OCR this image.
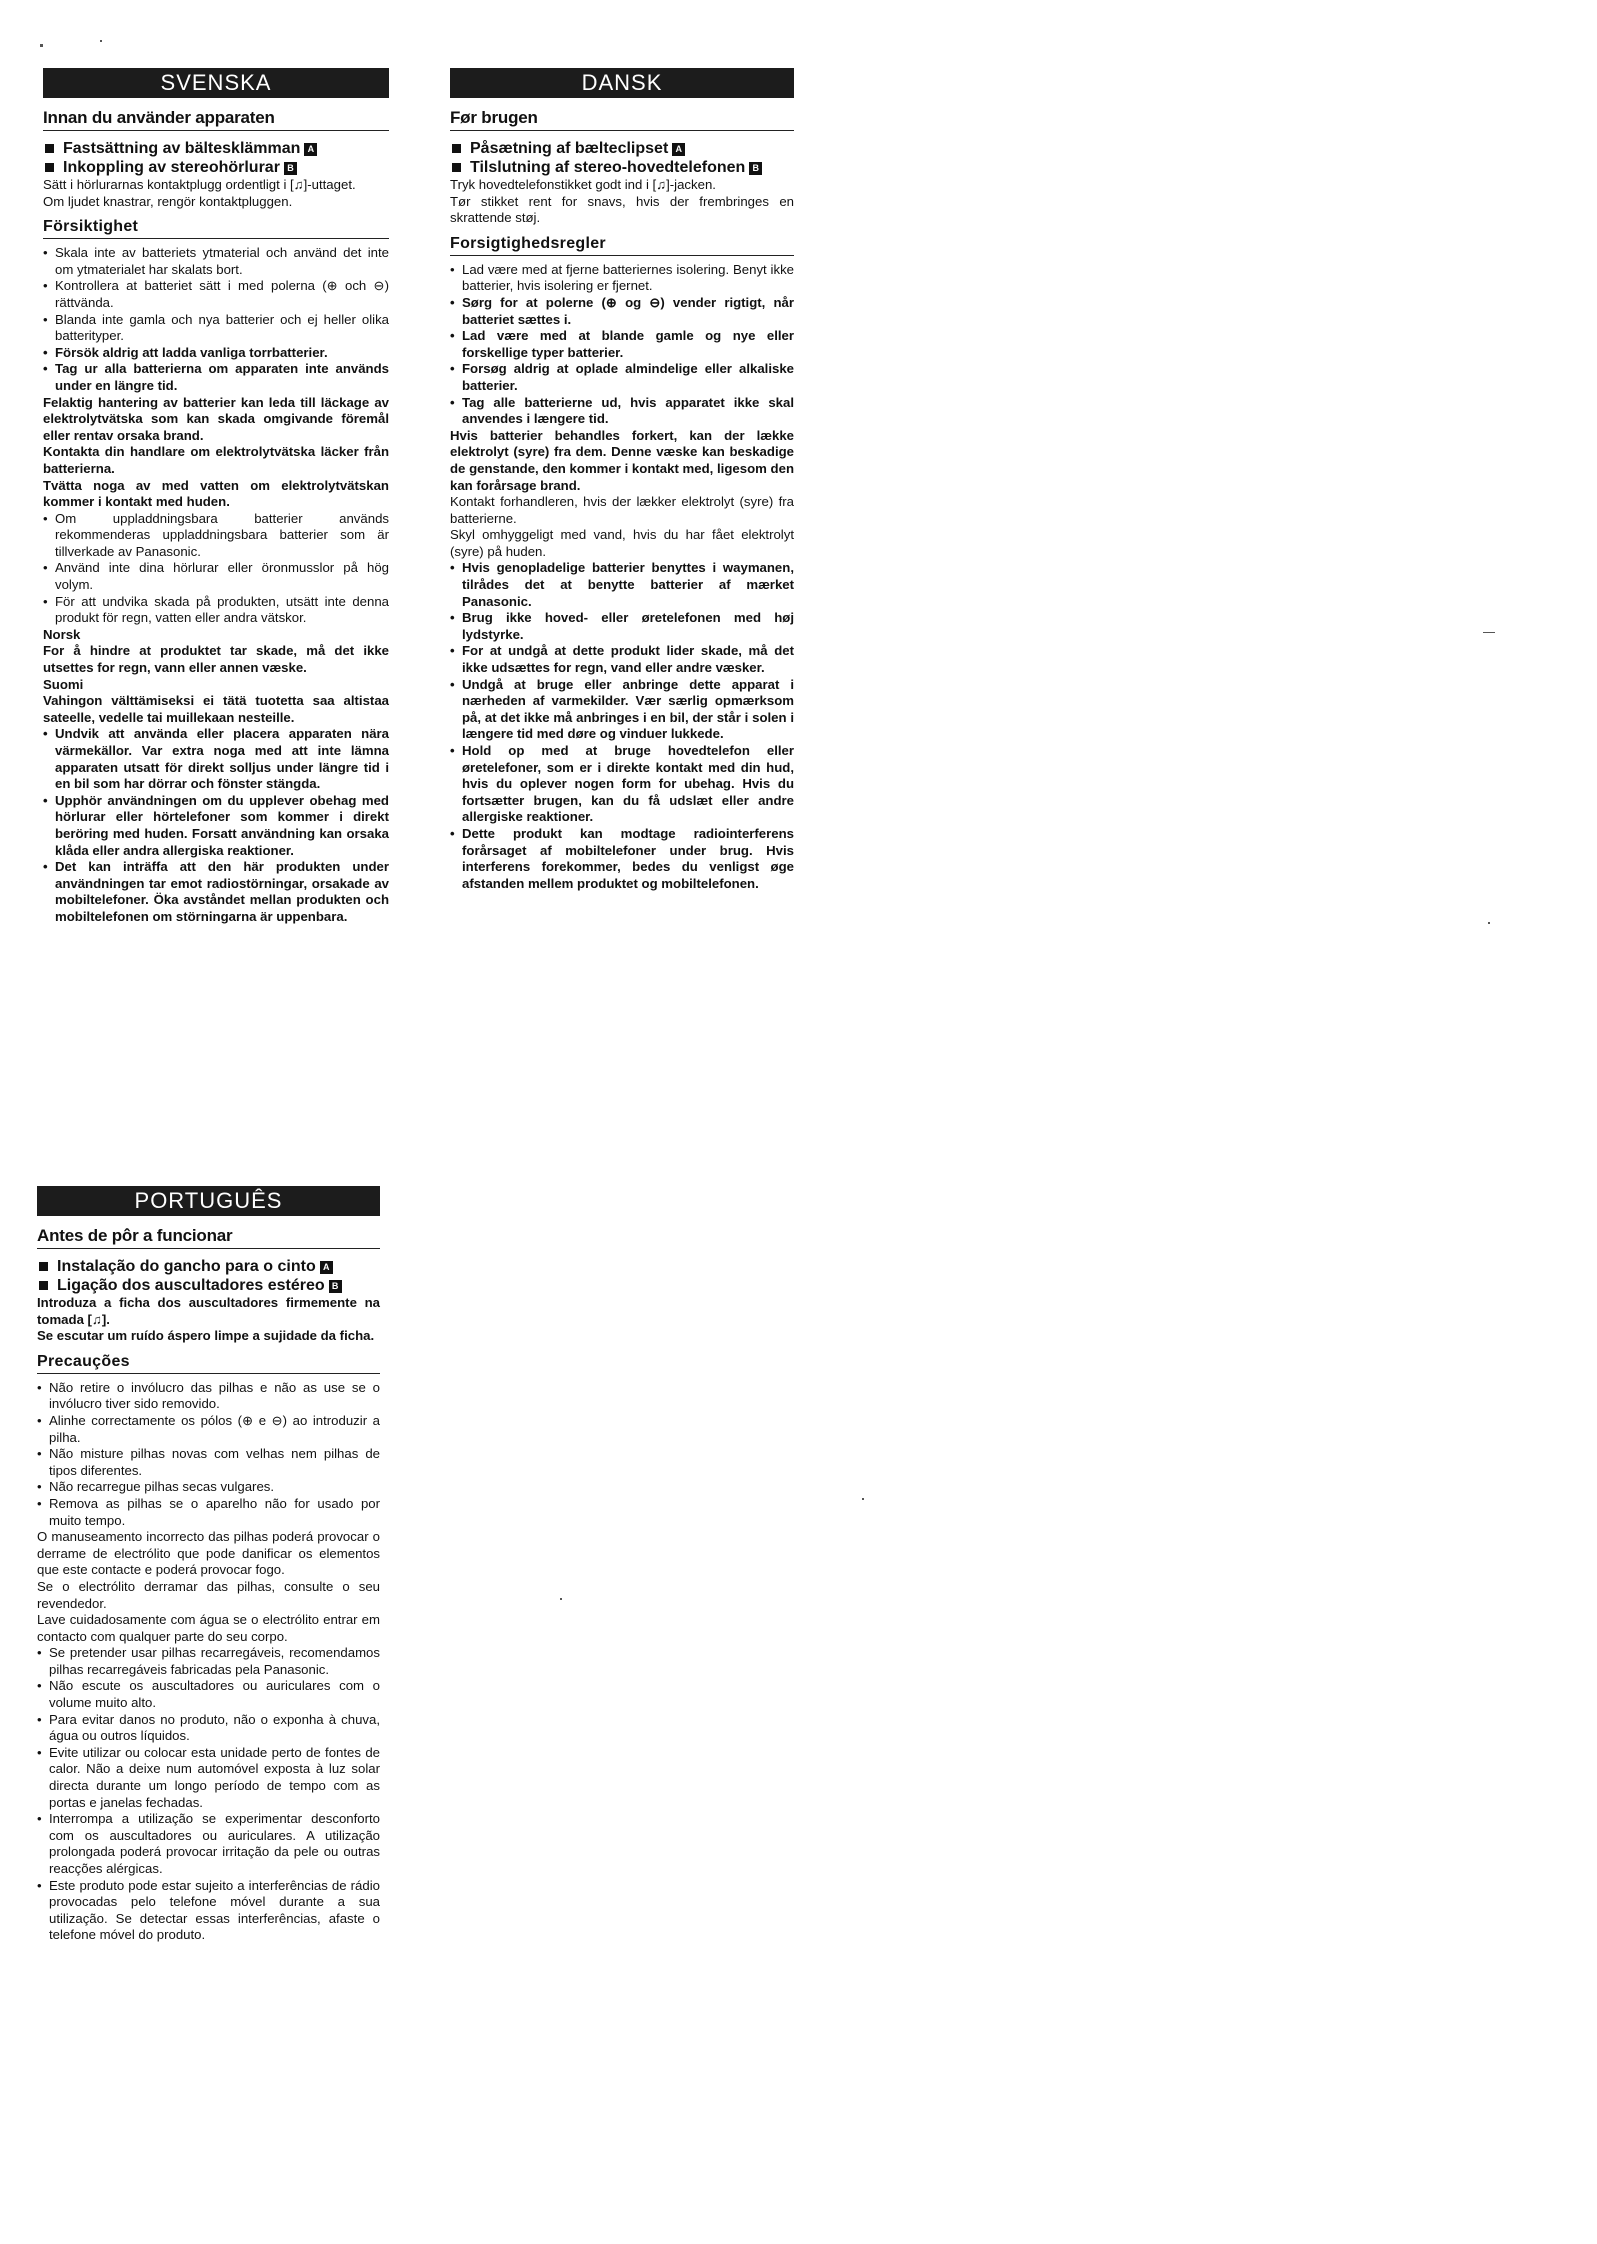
SVENSKA
Innan du använder apparaten
Fastsättning av bältesklämman A
Inkoppling av stereohörlurar B

Sätt i hörlurarnas kontaktplugg ordentligt i [♫]-uttaget.

Om ljudet knastrar, rengör kontaktpluggen.

Försiktighet
• Skala inte av batteriets ytmaterial och använd det inte om ytmaterialet har skalats bort.
• Kontrollera at batteriet sätt i med polerna (⊕ och ⊖) rättvända.
• Blanda inte gamla och nya batterier och ej heller olika batterityper.
• Försök aldrig att ladda vanliga torrbatterier.
• Tag ur alla batterierna om apparaten inte används under en längre tid.

Felaktig hantering av batterier kan leda till läckage av elektrolytvätska som kan skada omgivande föremål eller rentav orsaka brand.

Kontakta din handlare om elektrolytvätska läcker från batterierna.

Tvätta noga av med vatten om elektrolytvätskan kommer i kontakt med huden.

• Om uppladdningsbara batterier används rekommenderas uppladdningsbara batterier som är tillverkade av Panasonic.
• Använd inte dina hörlurar eller öronmusslor på hög volym.
• För att undvika skada på produkten, utsätt inte denna produkt för regn, vatten eller andra vätskor.

Norsk

For å hindre at produktet tar skade, må det ikke utsettes for regn, vann eller annen væske.

Suomi

Vahingon välttämiseksi ei tätä tuotetta saa altistaa sateelle, vedelle tai muillekaan nesteille.

• Undvik att använda eller placera apparaten nära värmekällor. Var extra noga med att inte lämna apparaten utsatt för direkt solljus under längre tid i en bil som har dörrar och fönster stängda.
• Upphör användningen om du upplever obehag med hörlurar eller hörtelefoner som kommer i direkt beröring med huden. Forsatt användning kan orsaka klåda eller andra allergiska reaktioner.
• Det kan inträffa att den här produkten under användningen tar emot radiostörningar, orsakade av mobiltelefoner. Öka avståndet mellan produkten och mobiltelefonen om störningarna är uppenbara.
DANSK
Før brugen
Påsætning af bælteclipset A
Tilslutning af stereo-hovedtelefonen B

Tryk hovedtelefonstikket godt ind i [♫]-jacken.

Tør stikket rent for snavs, hvis der frembringes en skrattende støj.

Forsigtighedsregler
• Lad være med at fjerne batteriernes isolering. Benyt ikke batterier, hvis isolering er fjernet.
• Sørg for at polerne (⊕ og ⊖) vender rigtigt, når batteriet sættes i.
• Lad være med at blande gamle og nye eller forskellige typer batterier.
• Forsøg aldrig at oplade almindelige eller alkaliske batterier.
• Tag alle batterierne ud, hvis apparatet ikke skal anvendes i længere tid.

Hvis batterier behandles forkert, kan der lække elektrolyt (syre) fra dem. Denne væske kan beskadige de genstande, den kommer i kontakt med, ligesom den kan forårsage brand.

Kontakt forhandleren, hvis der lækker elektrolyt (syre) fra batterierne.

Skyl omhyggeligt med vand, hvis du har fået elektrolyt (syre) på huden.

• Hvis genopladelige batterier benyttes i waymanen, tilrådes det at benytte batterier af mærket Panasonic.
• Brug ikke hoved- eller øretelefonen med høj lydstyrke.
• For at undgå at dette produkt lider skade, må det ikke udsættes for regn, vand eller andre væsker.
• Undgå at bruge eller anbringe dette apparat i nærheden af varmekilder. Vær særlig opmærksom på, at det ikke må anbringes i en bil, der står i solen i længere tid med døre og vinduer lukkede.
• Hold op med at bruge hovedtelefon eller øretelefoner, som er i direkte kontakt med din hud, hvis du oplever nogen form for ubehag. Hvis du fortsætter brugen, kan du få udslæt eller andre allergiske reaktioner.
• Dette produkt kan modtage radiointerferens forårsaget af mobiltelefoner under brug. Hvis interferens forekommer, bedes du venligst øge afstanden mellem produktet og mobiltelefonen.
PORTUGUÊS
Antes de pôr a funcionar
Instalação do gancho para o cinto A
Ligação dos auscultadores estéreo B

Introduza a ficha dos auscultadores firmemente na tomada [♫].

Se escutar um ruído áspero limpe a sujidade da ficha.

Precauções
• Não retire o invólucro das pilhas e não as use se o invólucro tiver sido removido.
• Alinhe correctamente os pólos (⊕ e ⊖) ao introduzir a pilha.
• Não misture pilhas novas com velhas nem pilhas de tipos diferentes.
• Não recarregue pilhas secas vulgares.
• Remova as pilhas se o aparelho não for usado por muito tempo.

O manuseamento incorrecto das pilhas poderá provocar o derrame de electrólito que pode danificar os elementos que este contacte e poderá provocar fogo.

Se o electrólito derramar das pilhas, consulte o seu revendedor.

Lave cuidadosamente com água se o electrólito entrar em contacto com qualquer parte do seu corpo.

• Se pretender usar pilhas recarregáveis, recomendamos pilhas recarregáveis fabricadas pela Panasonic.
• Não escute os auscultadores ou auriculares com o volume muito alto.
• Para evitar danos no produto, não o exponha à chuva, água ou outros líquidos.
• Evite utilizar ou colocar esta unidade perto de fontes de calor. Não a deixe num automóvel exposta à luz solar directa durante um longo período de tempo com as portas e janelas fechadas.
• Interrompa a utilização se experimentar desconforto com os auscultadores ou auriculares. A utilização prolongada poderá provocar irritação da pele ou outras reacções alérgicas.
• Este produto pode estar sujeito a interferências de rádio provocadas pelo telefone móvel durante a sua utilização. Se detectar essas interferências, afaste o telefone móvel do produto.
